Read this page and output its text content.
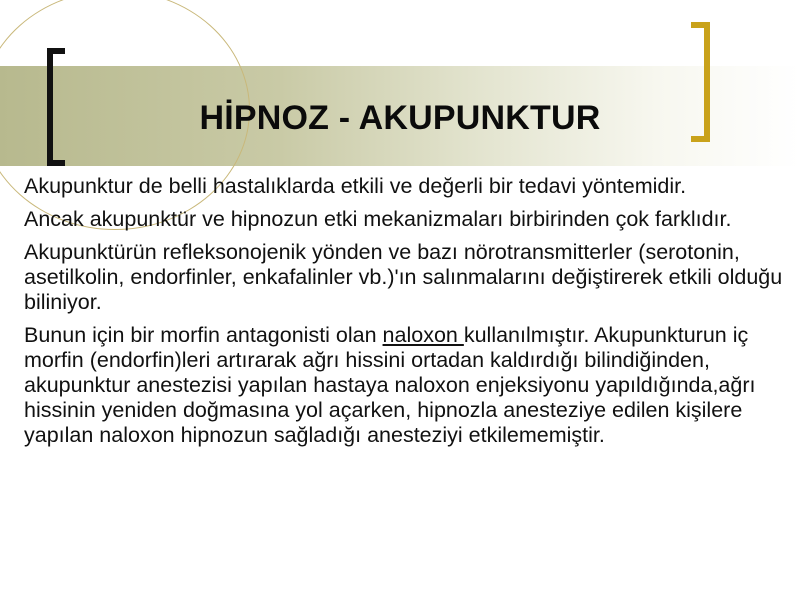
HİPNOZ - AKUPUNKTUR

Akupunktur de belli hastalıklarda etkili ve değerli bir tedavi yöntemidir.

Ancak akupunktür ve hipnozun etki mekanizmaları birbirinden çok farklıdır.

Akupunktürün refleksonojenik yönden ve bazı nörotransmitterler (serotonin, asetilkolin, endorfinler, enkafalinler vb.)'ın salınmalarını değiştirerek etkili olduğu biliniyor.

Bunun için bir morfin antagonisti olan naloxon kullanılmıştır. Akupunkturun iç morfin (endorfin)leri artırarak ağrı hissini ortadan kaldırdığı bilindiğinden, akupunktur anestezisi yapılan hastaya naloxon enjeksiyonu yapıldığında,ağrı hissinin yeniden doğmasına yol açarken, hipnozla anesteziye edilen kişilere yapılan naloxon hipnozun sağladığı anesteziyi etkilememiştir.
